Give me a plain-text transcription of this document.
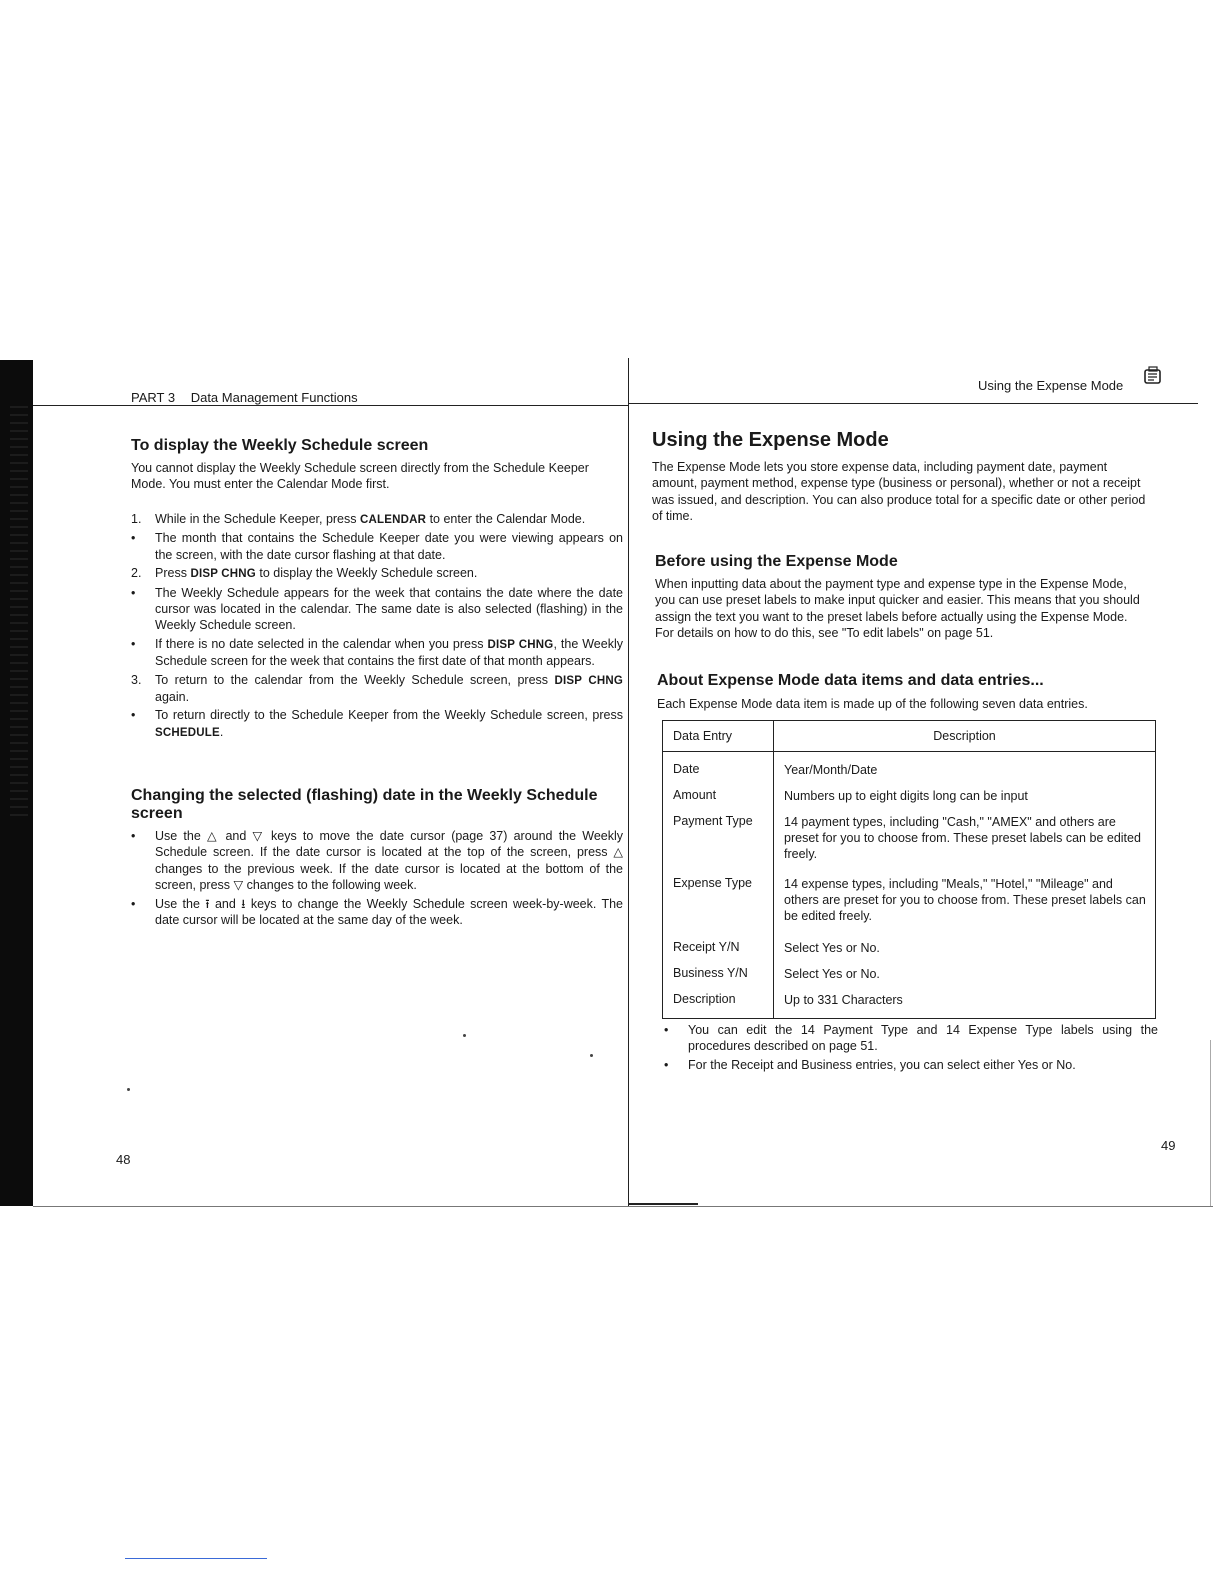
PART 3 Data Management Functions
To display the Weekly Schedule screen
You cannot display the Weekly Schedule screen directly from the Schedule Keeper Mode. You must enter the Calendar Mode first.
1.	While in the Schedule Keeper, press CALENDAR to enter the Calendar Mode.
•	The month that contains the Schedule Keeper date you were viewing appears on the screen, with the date cursor flashing at that date.
2.	Press DISP CHNG to display the Weekly Schedule screen.
•	The Weekly Schedule appears for the week that contains the date where the date cursor was located in the calendar. The same date is also selected (flashing) in the Weekly Schedule screen.
•	If there is no date selected in the calendar when you press DISP CHNG, the Weekly Schedule screen for the week that contains the first date of that month appears.
3.	To return to the calendar from the Weekly Schedule screen, press DISP CHNG again.
•	To return directly to the Schedule Keeper from the Weekly Schedule screen, press SCHEDULE.
Changing the selected (flashing) date in the Weekly Schedule screen
•	Use the △ and ▽ keys to move the date cursor (page 37) around the Weekly Schedule screen. If the date cursor is located at the top of the screen, press △ changes to the previous week. If the date cursor is located at the bottom of the screen, press ▽ changes to the following week.
•	Use the ⭱ and ⭳ keys to change the Weekly Schedule screen week-by-week. The date cursor will be located at the same day of the week.
48
Using the Expense Mode
Using the Expense Mode
The Expense Mode lets you store expense data, including payment date, payment amount, payment method, expense type (business or personal), whether or not a receipt was issued, and description. You can also produce total for a specific date or other period of time.
Before using the Expense Mode
When inputting data about the payment type and expense type in the Expense Mode, you can use preset labels to make input quicker and easier. This means that you should assign the text you want to the preset labels before actually using the Expense Mode. For details on how to do this, see "To edit labels" on page 51.
About Expense Mode data items and data entries...
Each Expense Mode data item is made up of the following seven data entries.
Data Entry	Description
Date	Year/Month/Date
Amount	Numbers up to eight digits long can be input
Payment Type	14 payment types, including "Cash," "AMEX" and others are preset for you to choose from. These preset labels can be edited freely.
Expense Type	14 expense types, including "Meals," "Hotel," "Mileage" and others are preset for you to choose from. These preset labels can be edited freely.
Receipt Y/N	Select Yes or No.
Business Y/N	Select Yes or No.
Description	Up to 331 Characters
•	You can edit the 14 Payment Type and 14 Expense Type labels using the procedures described on page 51.
•	For the Receipt and Business entries, you can select either Yes or No.
49
